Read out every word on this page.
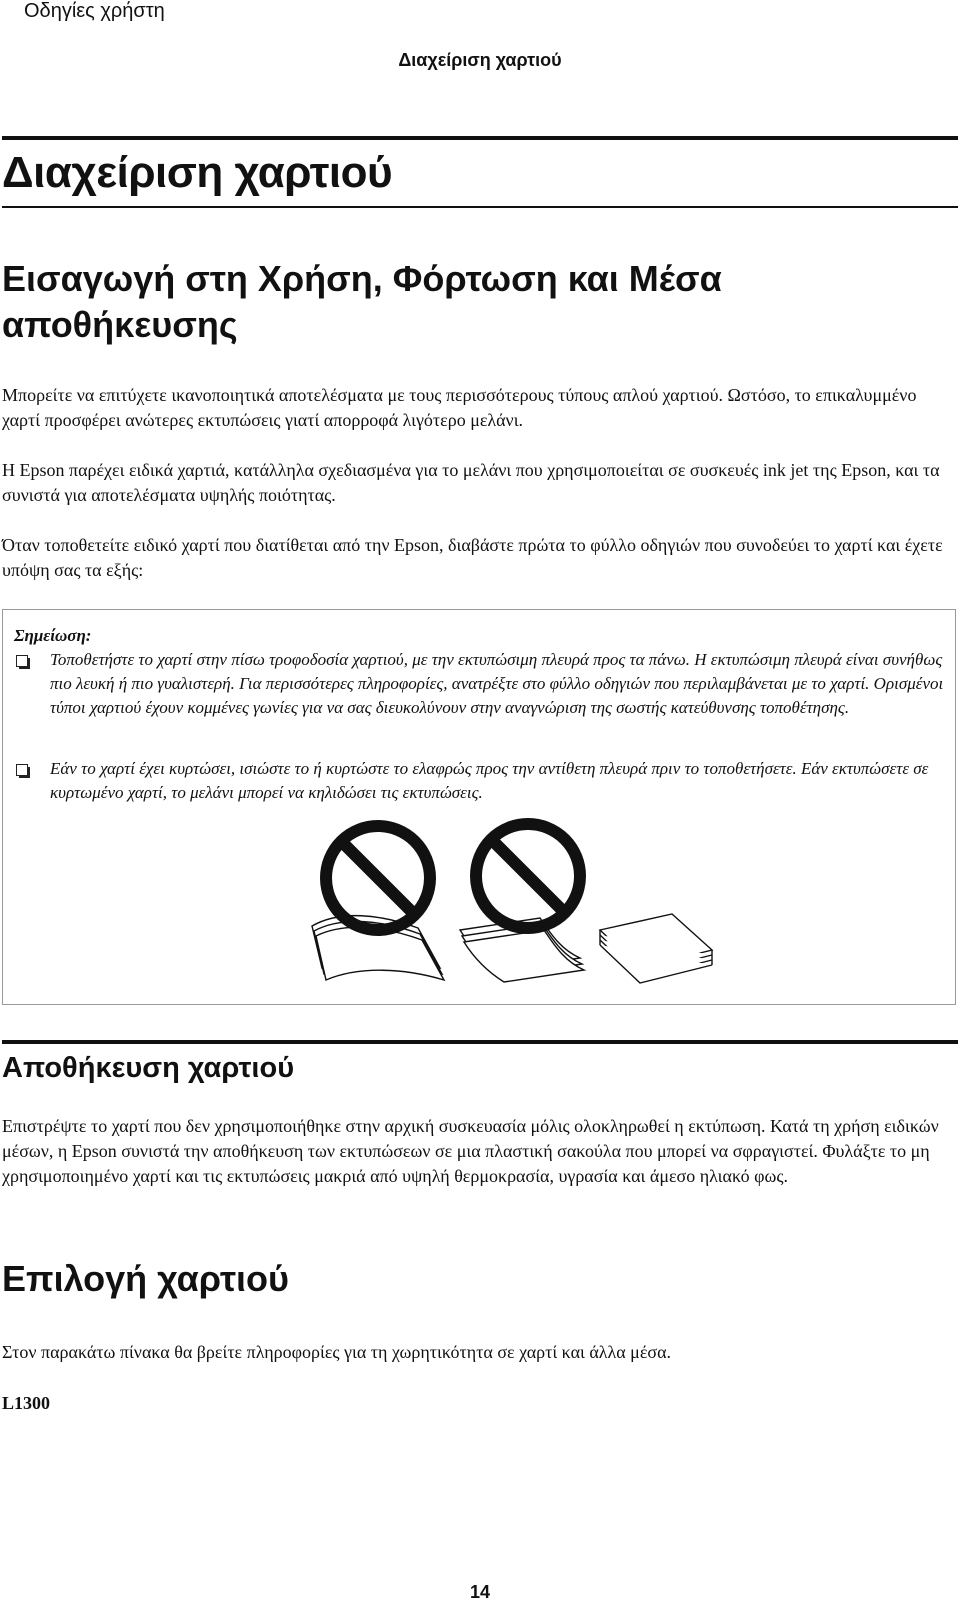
Οδηγίες χρήστη
Διαχείριση χαρτιού
Διαχείριση χαρτιού
Εισαγωγή στη Χρήση, Φόρτωση και Μέσα αποθήκευσης
Μπορείτε να επιτύχετε ικανοποιητικά αποτελέσματα με τους περισσότερους τύπους απλού χαρτιού. Ωστόσο, το επικαλυμμένο χαρτί προσφέρει ανώτερες εκτυπώσεις γιατί απορροφά λιγότερο μελάνι.
Η Epson παρέχει ειδικά χαρτιά, κατάλληλα σχεδιασμένα για το μελάνι που χρησιμοποιείται σε συσκευές ink jet της Epson, και τα συνιστά για αποτελέσματα υψηλής ποιότητας.
Όταν τοποθετείτε ειδικό χαρτί που διατίθεται από την Epson, διαβάστε πρώτα το φύλλο οδηγιών που συνοδεύει το χαρτί και έχετε υπόψη σας τα εξής:
Σημείωση:
Τοποθετήστε το χαρτί στην πίσω τροφοδοσία χαρτιού, με την εκτυπώσιμη πλευρά προς τα πάνω. Η εκτυπώσιμη πλευρά είναι συνήθως πιο λευκή ή πιο γυαλιστερή. Για περισσότερες πληροφορίες, ανατρέξτε στο φύλλο οδηγιών που περιλαμβάνεται με το χαρτί. Ορισμένοι τύποι χαρτιού έχουν κομμένες γωνίες για να σας διευκολύνουν στην αναγνώριση της σωστής κατεύθυνσης τοποθέτησης.
Εάν το χαρτί έχει κυρτώσει, ισιώστε το ή κυρτώστε το ελαφρώς προς την αντίθετη πλευρά πριν το τοποθετήσετε. Εάν εκτυπώσετε σε κυρτωμένο χαρτί, το μελάνι μπορεί να κηλιδώσει τις εκτυπώσεις.
Αποθήκευση χαρτιού
Επιστρέψτε το χαρτί που δεν χρησιμοποιήθηκε στην αρχική συσκευασία μόλις ολοκληρωθεί η εκτύπωση. Κατά τη χρήση ειδικών μέσων, η Epson συνιστά την αποθήκευση των εκτυπώσεων σε μια πλαστική σακούλα που μπορεί να σφραγιστεί. Φυλάξτε το μη χρησιμοποιημένο χαρτί και τις εκτυπώσεις μακριά από υψηλή θερμοκρασία, υγρασία και άμεσο ηλιακό φως.
Επιλογή χαρτιού
Στον παρακάτω πίνακα θα βρείτε πληροφορίες για τη χωρητικότητα σε χαρτί και άλλα μέσα.
L1300
14
